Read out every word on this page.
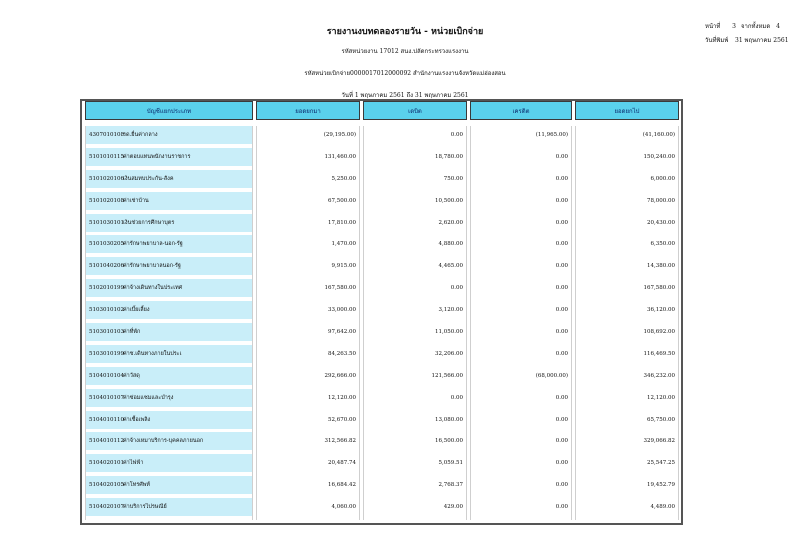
หน้าที่	3 จากทั้งหมด 4
วันที่พิมพ์	31 พฤษภาคม 2561
รายงานงบทดลองรายวัน - หน่วยเบิกจ่าย
รหัสหน่วยงาน 17012 สนง.ปลัดกระทรวงแรงงาน
รหัสหน่วยเบิกจ่าย0000017012000092 สำนักงานแรงงานจังหวัดแม่ฮ่องสอน
วันที่ 1 พฤษภาคม 2561 ถึง 31 พฤษภาคม 2561
บัญชีแยกประเภท	ยอดยกมา	เดบิต	เครดิต	ยอดยกไป

4307010108รด.ยื่นค่ากลาง	(29,195.00)	0.00	(11,965.00)	(41,160.00)

5101010115ค่าตอบแทนพนักงานราชการ	131,460.00	18,780.00	0.00	150,240.00

5101020106เงินสมทบประกัน-สังค	5,250.00	750.00	0.00	6,000.00

5101020108ค่าเช่าบ้าน	67,500.00	10,500.00	0.00	78,000.00

5101030101เงินช่วยการศึกษาบุตร	17,810.00	2,620.00	0.00	20,430.00

5101030205ค่ารักษาพยาบาล-นอก-รัฐ	1,470.00	4,880.00	0.00	6,350.00

5101040206ค่ารักษาพยาบาลนอก-รัฐ	9,915.00	4,465.00	0.00	14,380.00

5102010199ค่าจ้างเดินทางในประเทศ	167,580.00	0.00	0.00	167,580.00

5103010102ค่าเบี้ยเลี้ยง	33,000.00	3,120.00	0.00	36,120.00

5103010103ค่าที่พัก	97,642.00	11,050.00	0.00	108,692.00

5103010199ค่าช.เดินทางภายในประเ	84,263.50	32,206.00	0.00	116,469.50

5104010104ค่าวัสดุ	292,666.00	121,566.00	(68,000.00)	346,232.00

5104010107ค่าซ่อมแซมและบำรุง	12,120.00	0.00	0.00	12,120.00

5104010110ค่าเชื้อเพลิง	52,670.00	13,080.00	0.00	65,750.00

5104010112ค่าจ้างเหมาบริการ-บุคคลภายนอก	312,566.82	16,500.00	0.00	329,066.82

5104020101ค่าไฟฟ้า	20,487.74	5,059.51	0.00	25,547.25

5104020105ค่าโทรศัพท์	16,684.42	2,768.37	0.00	19,452.79

5104020107ค่าบริการไปรษณีย์	4,060.00	429.00	0.00	4,489.00
